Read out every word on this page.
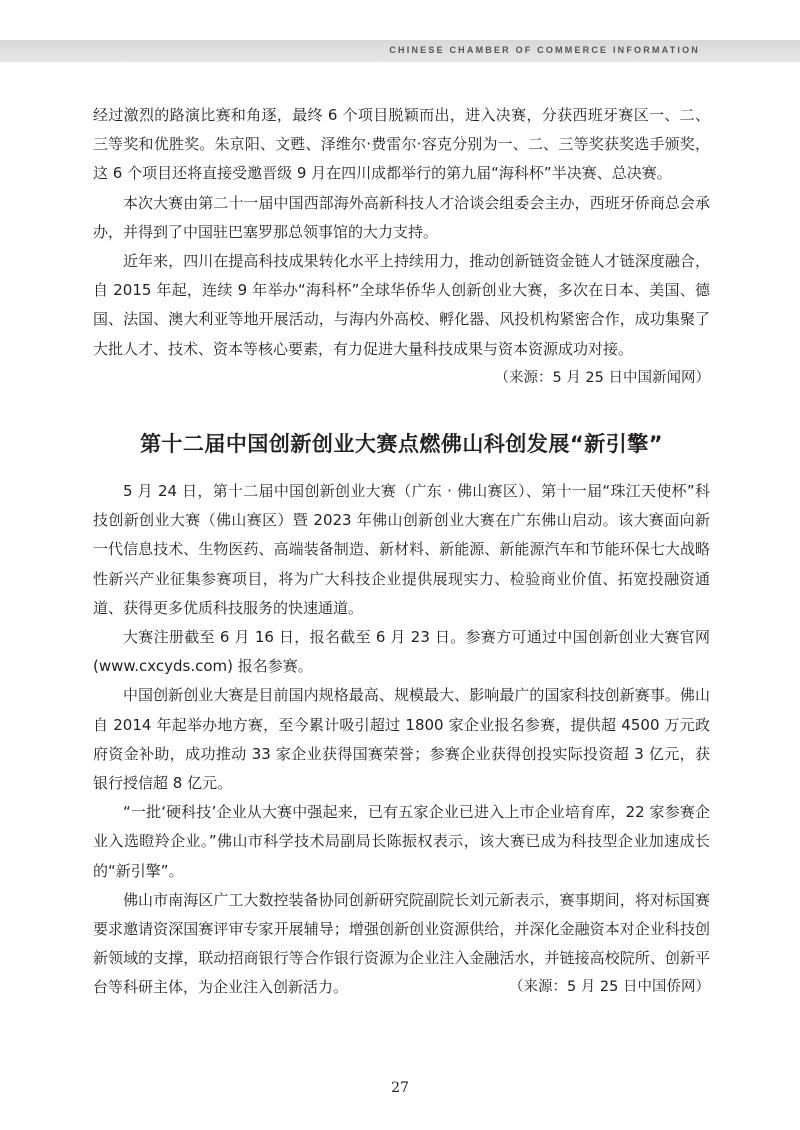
CHINESE CHAMBER OF COMMERCE INFORMATION

经过激烈的路演比赛和角逐，最终 6 个项目脱颖而出，进入决赛，分获西班牙赛区一、二、三等奖和优胜奖。朱京阳、文甦、泽维尔·费雷尔·容克分别为一、二、三等奖获奖选手颁奖，这 6 个项目还将直接受邀晋级 9 月在四川成都举行的第九届“海科杯”半决赛、总决赛。

本次大赛由第二十一届中国西部海外高新科技人才洽谈会组委会主办，西班牙侨商总会承办，并得到了中国驻巴塞罗那总领事馆的大力支持。

近年来，四川在提高科技成果转化水平上持续用力，推动创新链资金链人才链深度融合，自 2015 年起，连续 9 年举办“海科杯”全球华侨华人创新创业大赛，多次在日本、美国、德国、法国、澳大利亚等地开展活动，与海内外高校、孵化器、风投机构紧密合作，成功集聚了大批人才、技术、资本等核心要素，有力促进大量科技成果与资本资源成功对接。

（来源：5 月 25 日中国新闻网）

第十二届中国创新创业大赛点燃佛山科创发展“新引擎”

5 月 24 日，第十二届中国创新创业大赛（广东 · 佛山赛区）、第十一届“珠江天使杯”科技创新创业大赛（佛山赛区）暨 2023 年佛山创新创业大赛在广东佛山启动。该大赛面向新一代信息技术、生物医药、高端装备制造、新材料、新能源、新能源汽车和节能环保七大战略性新兴产业征集参赛项目，将为广大科技企业提供展现实力、检验商业价值、拓宽投融资通道、获得更多优质科技服务的快速通道。

大赛注册截至 6 月 16 日，报名截至 6 月 23 日。参赛方可通过中国创新创业大赛官网 (www.cxcyds.com) 报名参赛。

中国创新创业大赛是目前国内规格最高、规模最大、影响最广的国家科技创新赛事。佛山自 2014 年起举办地方赛，至今累计吸引超过 1800 家企业报名参赛，提供超 4500 万元政府资金补助，成功推动 33 家企业获得国赛荣誉；参赛企业获得创投实际投资超 3 亿元，获银行授信超 8 亿元。

“一批‘硬科技’企业从大赛中强起来，已有五家企业已进入上市企业培育库，22 家参赛企业入选瞪羚企业。”佛山市科学技术局副局长陈振权表示，该大赛已成为科技型企业加速成长的“新引擎”。

佛山市南海区广工大数控装备协同创新研究院副院长刘元新表示，赛事期间，将对标国赛要求邀请资深国赛评审专家开展辅导；增强创新创业资源供给，并深化金融资本对企业科技创新领域的支撑，联动招商银行等合作银行资源为企业注入金融活水，并链接高校院所、创新平台等科研主体，为企业注入创新活力。	（来源：5 月 25 日中国侨网）

27
